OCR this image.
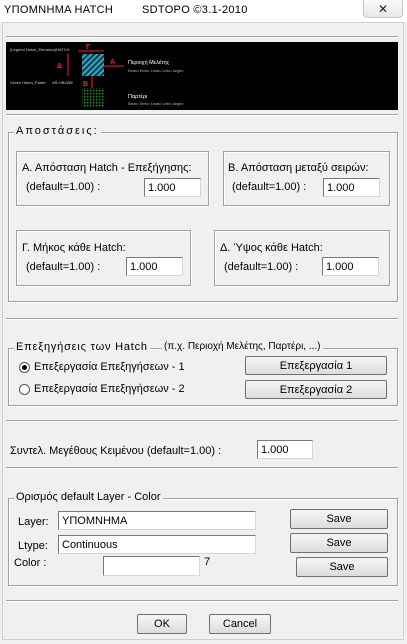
ΥΠΟΜΝΗΜΑ HATCH	SDTOPO ©3.1-2010	✕
(Legend Hatch_Elevation) HATCH Γ
Δ
Α
Β
Περιοχή Μελέτης
Εmax= Εmin= Lmax= Lmin= Angle=
Green Hatch_Parter AR-HBONE
Παρτέρι
Εmax= Εmin= Lmax= Lmin= Angle=
Αποστάσεις:
Α. Απόσταση Hatch - Επεξήγησης:
(default=1.00) :
1.000
Β. Απόσταση μεταξύ σειρών:
(default=1.00) :
1.000
Γ. Μήκος κάθε Hatch:
(default=1.00) :
1.000
Δ. Ύψος κάθε Hatch:
(default=1.00) :
1.000
Επεξηγήσεις των Hatch (π.χ. Περιοχή Μελέτης, Παρτέρι, ...)
Επεξεργασία Επεξηγήσεων - 1	Επεξεργασία 1
Επεξεργασία Επεξηγήσεων - 2	Επεξεργασία 2
Συντελ. Μεγέθους Κειμένου (default=1.00) :
1.000
Ορισμός default Layer - Color
Layer:
ΥΠΟΜΝΗΜΑ	Save
Ltype:
Continuous	Save
Color :	7	Save
OK	Cancel
